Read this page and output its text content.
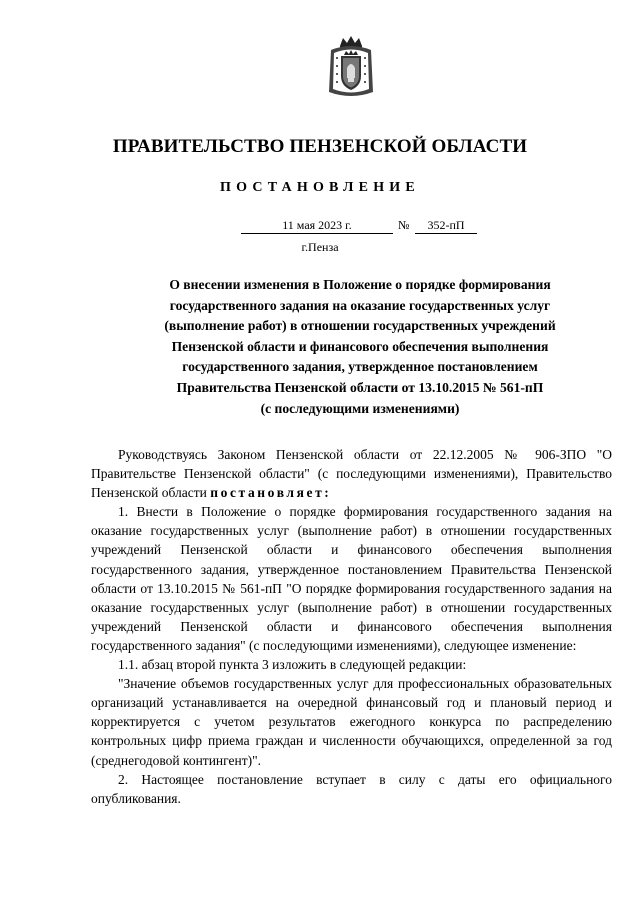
ПРАВИТЕЛЬСТВО ПЕНЗЕНСКОЙ ОБЛАСТИ
ПОСТАНОВЛЕНИЕ
11 мая 2023 г.	№	352-пП
г.Пенза
О внесении изменения в Положение о порядке формирования
государственного задания на оказание государственных услуг
(выполнение работ) в отношении государственных учреждений
Пензенской области и финансового обеспечения выполнения
государственного задания, утвержденное постановлением
Правительства Пензенской области от 13.10.2015 № 561-пП
(с последующими изменениями)

Руководствуясь Законом Пензенской области от 22.12.2005 № 906-ЗПО "О Правительстве Пензенской области" (с последующими изменениями), Правительство Пензенской области постановляет:

1. Внести в Положение о порядке формирования государственного задания на оказание государственных услуг (выполнение работ) в отношении государственных учреждений Пензенской области и финансового обеспечения выполнения государственного задания, утвержденное постановлением Правительства Пензенской области от 13.10.2015 № 561-пП "О порядке формирования государственного задания на оказание государственных услуг (выполнение работ) в отношении государственных учреждений Пензенской области и финансового обеспечения выполнения государственного задания" (с последующими изменениями), следующее изменение:

1.1. абзац второй пункта 3 изложить в следующей редакции:

"Значение объемов государственных услуг для профессиональных образовательных организаций устанавливается на очередной финансовый год и плановый период и корректируется с учетом результатов ежегодного конкурса по распределению контрольных цифр приема граждан и численности обучающихся, определенной за год (среднегодовой контингент)".

2. Настоящее постановление вступает в силу с даты его официального опубликования.
